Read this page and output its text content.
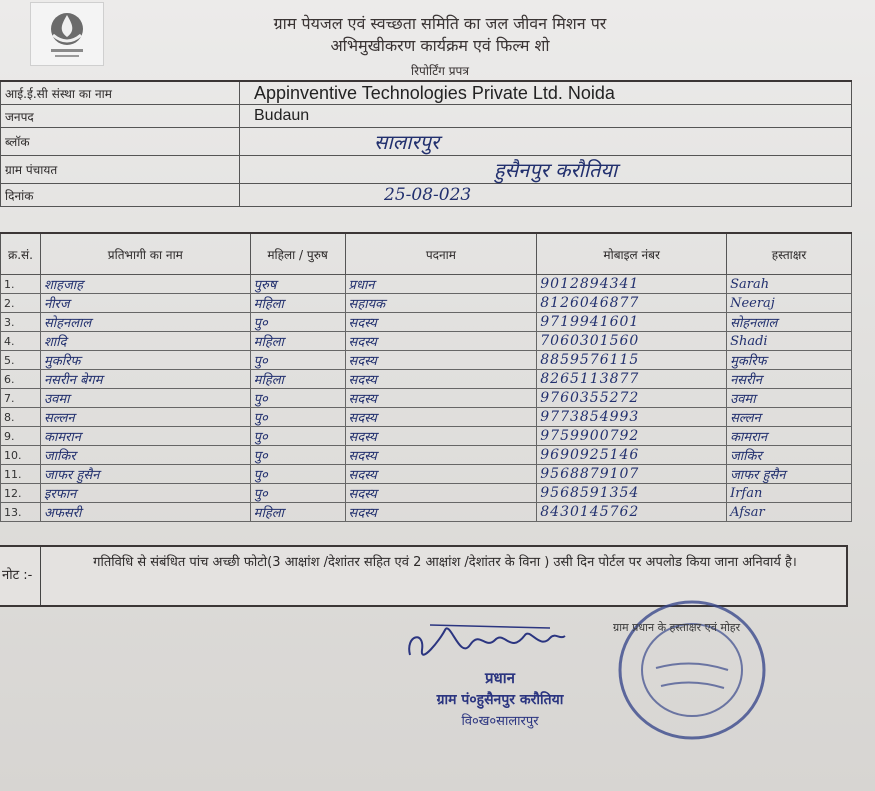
ग्राम पेयजल एवं स्वच्छता समिति का जल जीवन मिशन पर
अभिमुखीकरण कार्यक्रम एवं फिल्म शो
रिपोर्टिंग प्रपत्र
आई.ई.सी संस्था का नाम	Appinventive Technologies Private Ltd. Noida
जनपद	Budaun
ब्लॉक	सालारपुर
ग्राम पंचायत	हुसैनपुर करौतिया
दिनांक	25-08-023
क्र.सं.	प्रतिभागी का नाम	महिला / पुरुष	पदनाम	मोबाइल नंबर	हस्ताक्षर
1.	शाहजाह	पुरुष	प्रधान	9012894341	Sarah
2.	नीरज	महिला	सहायक	8126046877	Neeraj
3.	सोहनलाल	पु०	सदस्य	9719941601	सोहनलाल
4.	शादि	महिला	सदस्य	7060301560	Shadi
5.	मुकरिफ	पु०	सदस्य	8859576115	मुकरिफ
6.	नसरीन बेगम	महिला	सदस्य	8265113877	नसरीन
7.	उवमा	पु०	सदस्य	9760355272	उवमा
8.	सल्लन	पु०	सदस्य	9773854993	सल्लन
9.	कामरान	पु०	सदस्य	9759900792	कामरान
10.	जाकिर	पु०	सदस्य	9690925146	जाकिर
11.	जाफर हुसैन	पु०	सदस्य	9568879107	जाफर हुसैन
12.	इरफान	पु०	सदस्य	9568591354	Irfan
13.	अफसरी	महिला	सदस्य	8430145762	Afsar
नोट :-
गतिविधि से संबंधित पांच अच्छी फोटो(3 आक्षांश /देशांतर सहित एवं 2 आक्षांश /देशांतर के विना ) उसी दिन पोर्टल पर अपलोड किया जाना अनिवार्य है।
प्रधान
ग्राम पं०हुसैनपुर करौतिया
वि०ख०सालारपुर
ग्राम प्रधान के हस्ताक्षर एवं मोहर
